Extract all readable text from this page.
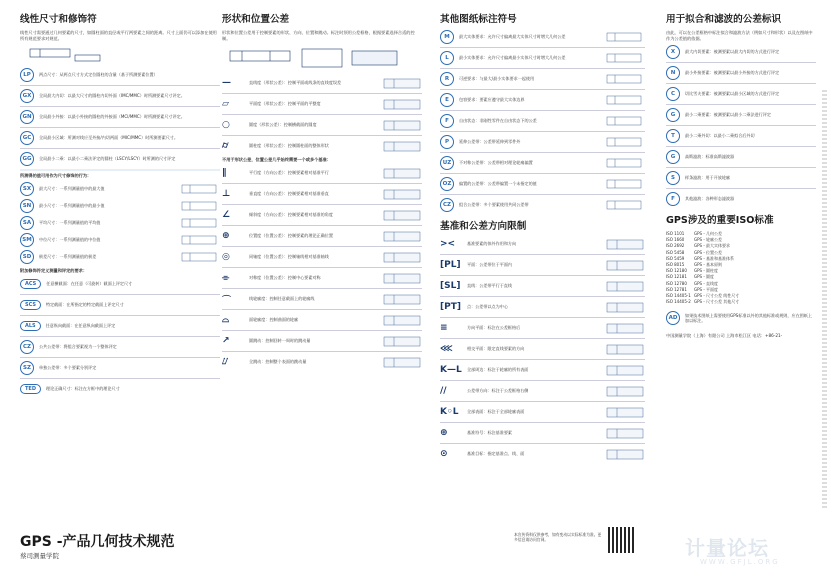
线性尺寸和修饰符
线性尺寸需要通过几何要素的尺寸，如圆柱面的直径或平行两要素之间的距离。尺寸上面仍可以添加在使用所有规范要求对规范。
LP	两点尺寸：从两点尺寸方式定位圆柱的含量（基于所测要素位置）
GX	全局最大内切：以最大尺寸的圆柱内切外面（IMC/MMC）时所测要素尺寸评定。
GN	全局最小外接：以最小外接的圆柱的外接面（MCI/MMC）时所测要素尺寸评定。
GC	全局最小区域：所测对线应至外接/内切两面（MIC/MMC）时所测要素尺寸。
GG	全局最小二乘：以最小二乘法评定的圆柱（LSCY/LSCY）时所测的尺寸评定
所测得的值可用作为尺寸修饰的行为：
SX	最大尺寸：一系列测量值中的最大值
SN	最小尺寸：一系列测量值中的最小值
SA	平均尺寸：一系列测量值的平均值
SM	中位尺寸：一系列测量值的中位值
SD	极差尺寸：一系列测量值的极差
附加修饰符定义测量和评定的要求：
ACS	任意横截面：在任意（可旋转）截面上评定尺寸
SCS	特定截面：在所指定的特定截面上评定尺寸
ALS	任意纵向截面：在任意纵向截面上评定
CZ	公共公差带：将组合要素视为一个整体评定
SZ	单独公差带：多个要素分别评定
TED	理论正确尺寸：标注在方框中的理论尺寸
形状和位置公差
形状和位置公差用于控制要素的形状、方向、位置和跳动。标注时须用公差框格，根据要素选择合适的控制。
—	直线度（形状公差）：控制平面或线条的直线度误差
▱	平面度（形状公差）：控制平面的平整度
○	圆度（形状公差）：控制横截面的圆度
⌭	圆柱度（形状公差）：控制圆柱面的整体形状
不用于形状公差，位置公差几乎始终需要一个或多个基准：
∥	平行度（方向公差）：控制要素相对基准平行
⊥	垂直度（方向公差）：控制要素相对基准垂直
∠	倾斜度（方向公差）：控制要素相对基准的角度
⊕	位置度（位置公差）：控制要素的理论正确位置
◎	同轴度（位置公差）：控制轴线相对基准轴线
⌯	对称度（位置公差）：控制中心要素对称
⌒	线轮廓度：控制任意截面上的轮廓线
⌓	面轮廓度：控制曲面的轮廓
↗	圆跳动：控制回转一周时的跳动量
⌰	全跳动：控制整个表面的跳动量
其他图纸标注符号
M	最大实体要求：允许尺寸偏离最大实体尺寸时增大几何公差
L	最小实体要求：允许尺寸偏离最小实体尺寸时增大几何公差
R	可逆要求：与最大/最小实体要求一起使用
E	包容要求：要素应遵守最大实体边界
F	自由状态：非刚性零件在自由状态下的公差
P	延伸公差带：公差带延伸到零件外
UZ	不对称公差带：公差带相对理论轮廓偏置
OZ	偏置的公差带：公差带偏置一个未指定的值
CZ	组合公差带：多个要素使用共同公差带
基准和公差方向限制
><	基准要素的体外作用和方向
[PL]	平面：公差带位于平面内
[SL]	直线：公差带平行于直线
[PT] 点：公差带以点为中心
≡	方向平面：标注在公差框格后
⋘	相交平面：限定直线要素的方向
K—L 全部周边：标注于轮廓的所有表面
//	公差带方向：标注于公差框格右侧
K◦L	全部表面：标注于全部轮廓表面
⊕	基准符号：标注基准要素
⊙	基准目标：指定基准点、线、面
用于拟合和滤波的公差标识
由此，可以在公差框格中标注拟合和滤波方法（例如尺寸和形状）以及在图纸中作为公差值的依据。
X	最大内切要素：被测要素以最大内切的方式进行评定
N	最小外接要素：被测要素以最小外接的方式进行评定
C	切比雪夫要素：被测要素以最小区域的方式进行评定
G	最小二乘要素：被测要素以最小二乘法进行评定
T	最小二乘外切：以最小二乘拟合后外切
G	高斯滤波：标准高斯滤波器
S	样条滤波：用于开放轮廓
F	其他滤波：各种形态滤波器
GPS涉及的重要ISO标准
ISO 1101	GPS - 几何公差
ISO 1660	GPS - 轮廓公差
ISO 2692	GPS - 最大实体要求
ISO 5458	GPS - 位置公差
ISO 5459	GPS - 基准和基准体系
ISO 8015	GPS - 基本原则
ISO 12180	GPS - 圆柱度
ISO 12181	GPS - 圆度
ISO 12780	GPS - 直线度
ISO 12781	GPS - 平面度
ISO 14405-1 GPS - 尺寸公差 线性尺寸
ISO 14405-2 GPS - 尺寸公差 其他尺寸
AD	如果技术图纸上需要使用GPS标准以外的其他标准或规则，应在图纸上加以标注。
中国测量学院（上海）有限公司 上海市松江区 电话：+86-21-
GPS -产品几何技术规范
蔡司测量学院
本宣传资料仅供参考，如有变动以实际标准为准。更多信息请访问官网。	计量论坛
WWW.GFJL.ORG
